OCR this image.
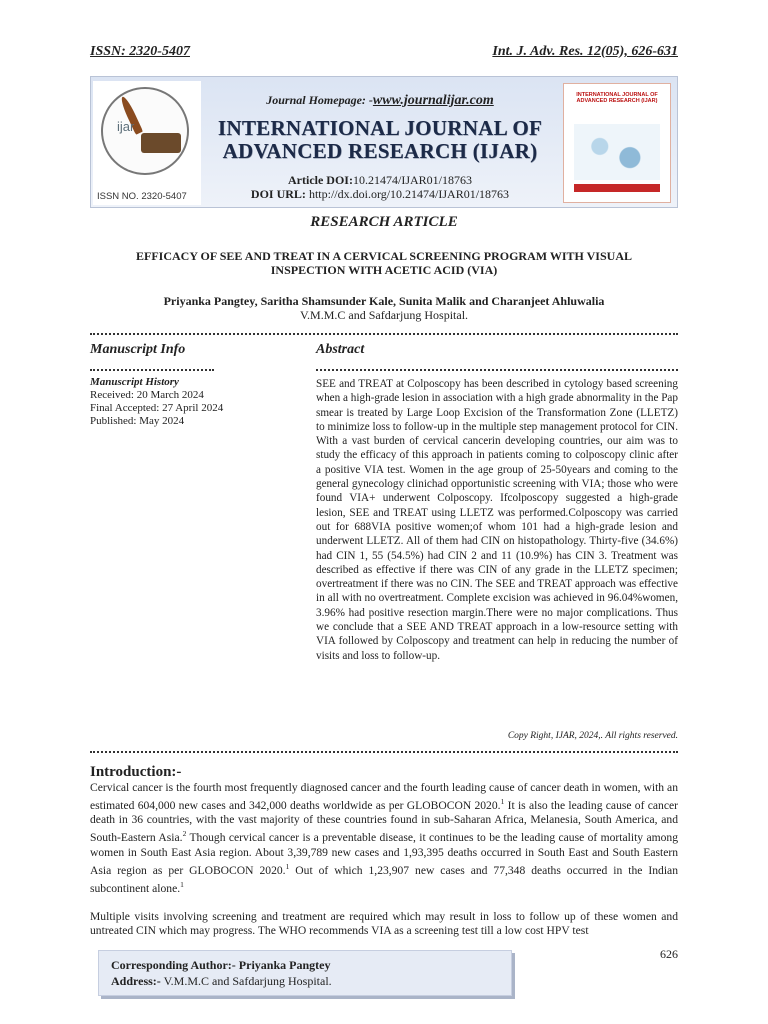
ISSN: 2320-5407	Int. J. Adv. Res. 12(05), 626-631
ijar
ISSN NO. 2320-5407
Journal Homepage: -www.journalijar.com
INTERNATIONAL JOURNAL OF
ADVANCED RESEARCH (IJAR)
Article DOI:10.21474/IJAR01/18763
DOI URL: http://dx.doi.org/10.21474/IJAR01/18763
INTERNATIONAL JOURNAL OF ADVANCED RESEARCH (IJAR)
RESEARCH ARTICLE
EFFICACY OF SEE AND TREAT IN A CERVICAL SCREENING PROGRAM WITH VISUAL INSPECTION WITH ACETIC ACID (VIA)
Priyanka Pangtey, Saritha Shamsunder Kale, Sunita Malik and Charanjeet Ahluwalia
V.M.M.C and Safdarjung Hospital.
Manuscript Info	Abstract
Manuscript History
Received: 20 March 2024
Final Accepted: 27 April 2024
Published: May 2024
SEE and TREAT at Colposcopy has been described in cytology based screening when a high-grade lesion in association with a high grade abnormality in the Pap smear is treated by Large Loop Excision of the Transformation Zone (LLETZ) to minimize loss to follow-up in the multiple step management protocol for CIN. With a vast burden of cervical cancerin developing countries, our aim was to study the efficacy of this approach in patients coming to colposcopy clinic after a positive VIA test. Women in the age group of 25-50years and coming to the general gynecology clinichad opportunistic screening with VIA; those who were found VIA+ underwent Colposcopy. Ifcolposcopy suggested a high-grade lesion, SEE and TREAT using LLETZ was performed.Colposcopy was carried out for 688VIA positive women;of whom 101 had a high-grade lesion and underwent LLETZ. All of them had CIN on histopathology. Thirty-five (34.6%) had CIN 1, 55 (54.5%) had CIN 2 and 11 (10.9%) has CIN 3. Treatment was described as effective if there was CIN of any grade in the LLETZ specimen; overtreatment if there was no CIN. The SEE and TREAT approach was effective in all with no overtreatment. Complete excision was achieved in 96.04%women, 3.96% had positive resection margin.There were no major complications. Thus we conclude that a SEE AND TREAT approach in a low-resource setting with VIA followed by Colposcopy and treatment can help in reducing the number of visits and loss to follow-up.
Copy Right, IJAR, 2024,. All rights reserved.
Introduction:-

Cervical cancer is the fourth most frequently diagnosed cancer and the fourth leading cause of cancer death in women, with an estimated 604,000 new cases and 342,000 deaths worldwide as per GLOBOCON 2020.$^1$ It is also the leading cause of cancer death in 36 countries, with the vast majority of these countries found in sub-Saharan Africa, Melanesia, South America, and South-Eastern Asia.$^2$ Though cervical cancer is a preventable disease, it continues to be the leading cause of mortality among women in South East Asia region. About 3,39,789 new cases and 1,93,395 deaths occurred in South East and South Eastern Asia region as per GLOBOCON 2020.$^1$ Out of which 1,23,907 new cases and 77,348 deaths occurred in the Indian subcontinent alone.$^1$

Multiple visits involving screening and treatment are required which may result in loss to follow up of these women and untreated CIN which may progress. The WHO recommends VIA as a screening test till a low cost HPV test

Corresponding Author:- Priyanka Pangtey
Address:- V.M.M.C and Safdarjung Hospital.
626
